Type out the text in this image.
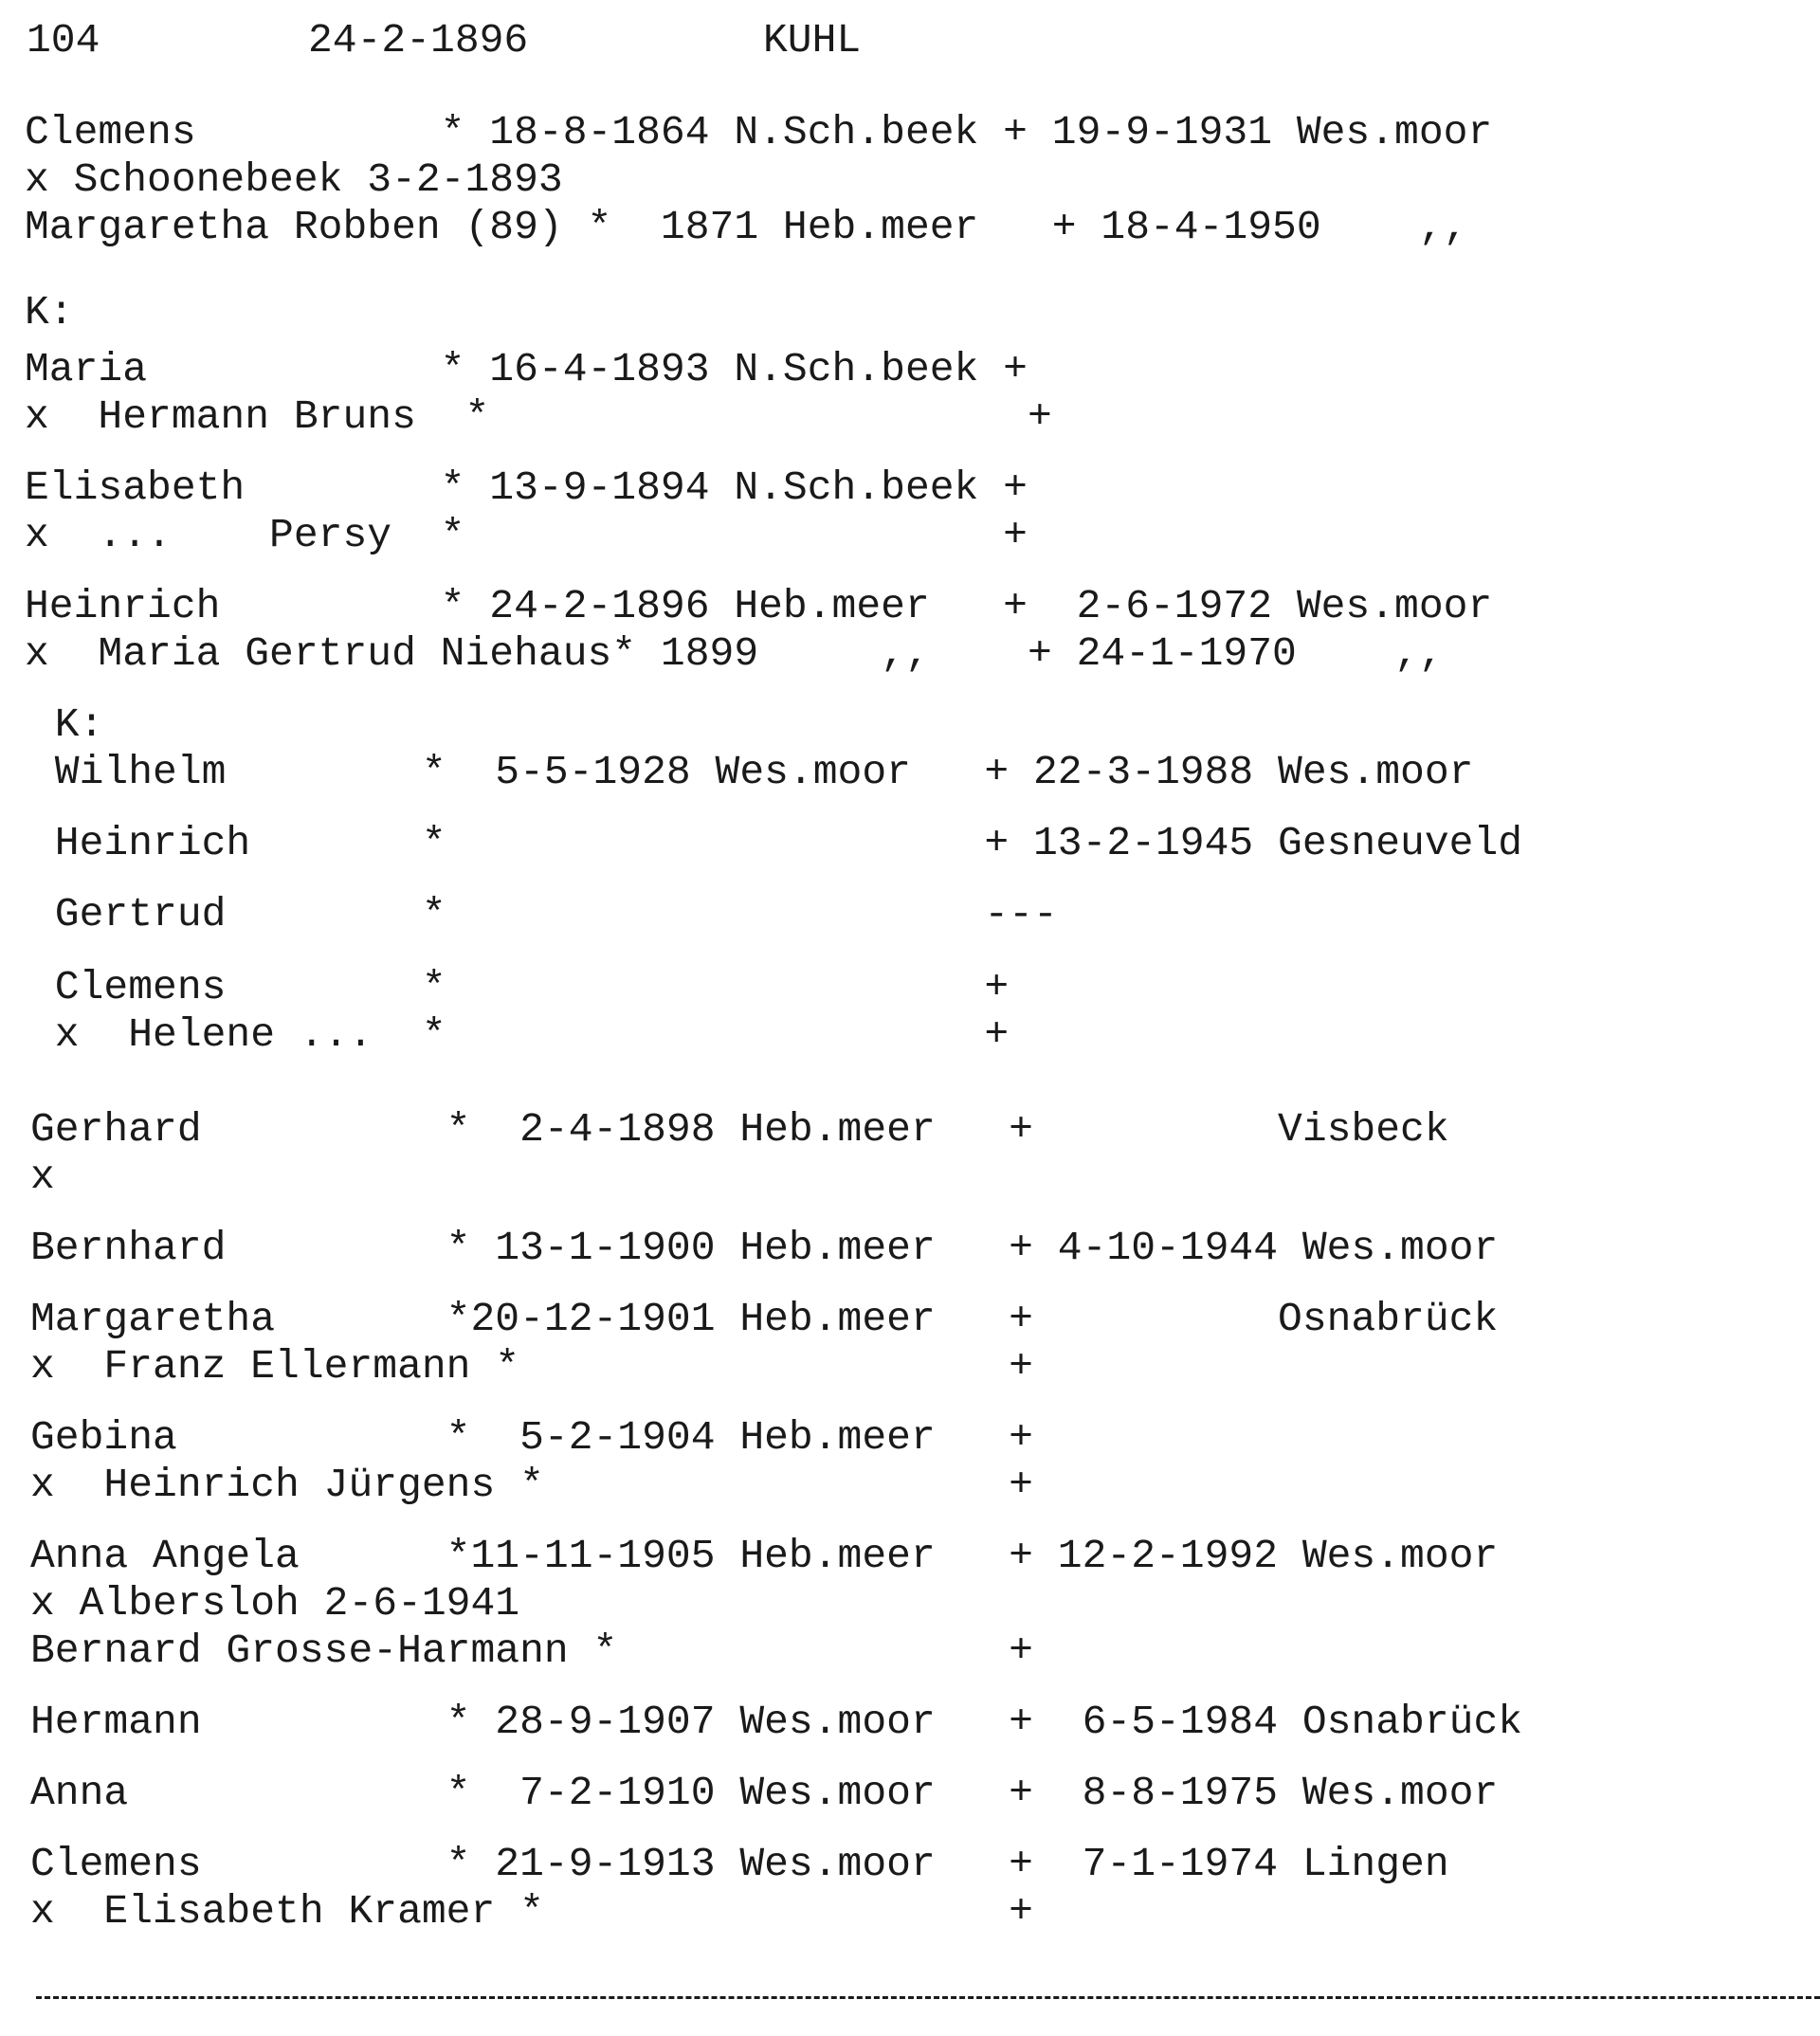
104	24-2-1896	KUHL
Clemens          * 18-8-1864 N.Sch.beek + 19-9-1931 Wes.moor
x Schoonebeek 3-2-1893
Margaretha Robben (89) *  1871 Heb.meer   + 18-4-1950    ,,
K:
Maria            * 16-4-1893 N.Sch.beek +
x  Hermann Bruns  *                      +
Elisabeth        * 13-9-1894 N.Sch.beek +
x  ...    Persy  *                      +
Heinrich         * 24-2-1896 Heb.meer   +  2-6-1972 Wes.moor
x  Maria Gertrud Niehaus* 1899     ,,    + 24-1-1970    ,,
K:
Wilhelm        *  5-5-1928 Wes.moor   + 22-3-1988 Wes.moor
Heinrich       *                      + 13-2-1945 Gesneuveld
Gertrud        *                      ---
Clemens        *                      +
x  Helene ...  *                      +
Gerhard          *  2-4-1898 Heb.meer   +          Visbeck
x
Bernhard         * 13-1-1900 Heb.meer   + 4-10-1944 Wes.moor
Margaretha       *20-12-1901 Heb.meer   +          Osnabrück
x  Franz Ellermann *                    +
Gebina           *  5-2-1904 Heb.meer   +
x  Heinrich Jürgens *                   +
Anna Angela      *11-11-1905 Heb.meer   + 12-2-1992 Wes.moor
x Albersloh 2-6-1941
Bernard Grosse-Harmann *                +
Hermann          * 28-9-1907 Wes.moor   +  6-5-1984 Osnabrück
Anna             *  7-2-1910 Wes.moor   +  8-8-1975 Wes.moor
Clemens          * 21-9-1913 Wes.moor   +  7-1-1974 Lingen
x  Elisabeth Kramer *                   +
